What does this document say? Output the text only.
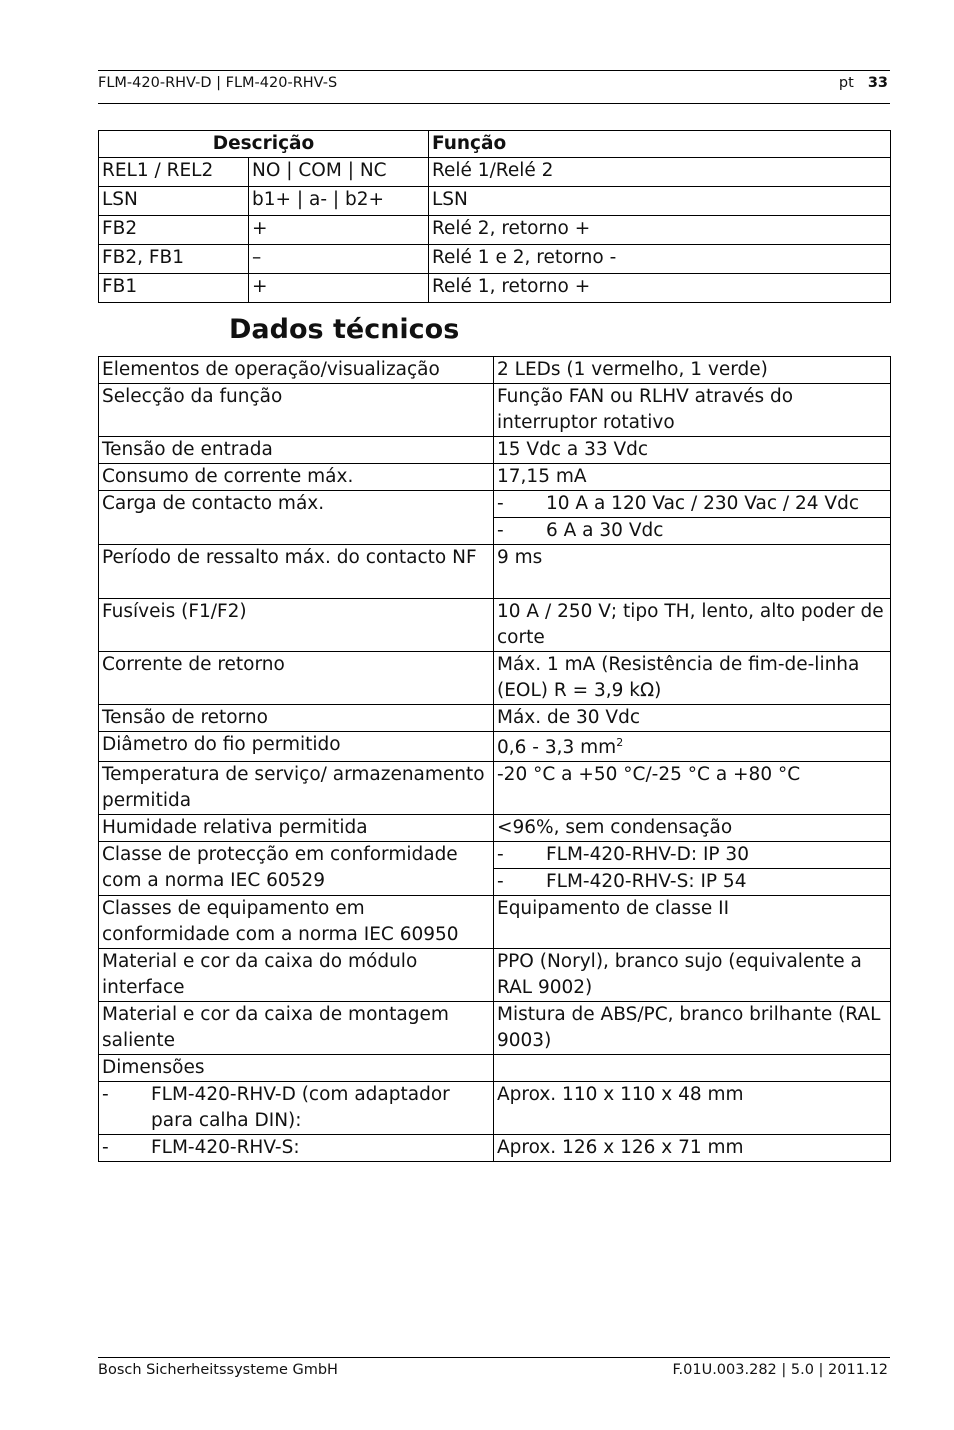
FLM-420-RHV-D | FLM-420-RHV-S	pt 33
Descrição		Função
REL1 / REL2	NO | COM | NC	Relé 1/Relé 2
LSN	b1+ | a- | b2+	LSN
FB2	+	Relé 2, retorno +
FB2, FB1	–	Relé 1 e 2, retorno -
FB1	+	Relé 1, retorno +
Dados técnicos
Elementos de operação/visualização	2 LEDs (1 vermelho, 1 verde)
Selecção da função	Função FAN ou RLHV através do interruptor rotativo
Tensão de entrada	15 Vdc a 33 Vdc
Consumo de corrente máx.	17,15 mA
Carga de contacto máx.	- 10 A a 120 Vac / 230 Vac / 24 Vdc
- 6 A a 30 Vdc

Período de ressalto máx. do contacto NF	9 ms
Fusíveis (F1/F2)	10 A / 250 V; tipo TH, lento, alto poder de corte
Corrente de retorno	Máx. 1 mA (Resistência de fim-de-linha (EOL) R = 3,9 kΩ)
Tensão de retorno	Máx. de 30 Vdc
Diâmetro do fio permitido	0,6 - 3,3 $mm^2$
Temperatura de serviço/ armazenamento permitida	-20 °C a +50 °C/-25 °C a +80 °C
Humidade relativa permitida	<96%, sem condensação
Classe de protecção em conformidade com a norma IEC 60529	- FLM-420-RHV-D: IP 30
- FLM-420-RHV-S: IP 54

Classes de equipamento em conformidade com a norma IEC 60950	Equipamento de classe II
Material e cor da caixa do módulo interface	PPO (Noryl), branco sujo (equivalente a RAL 9002)
Material e cor da caixa de montagem saliente	Mistura de ABS/PC, branco brilhante (RAL 9003)
Dimensões	

- FLM-420-RHV-D (com adaptador para calha DIN):	Aprox. 110 x 110 x 48 mm

- FLM-420-RHV-S:	Aprox. 126 x 126 x 71 mm
Bosch Sicherheitssysteme GmbH	F.01U.003.282 | 5.0 | 2011.12
